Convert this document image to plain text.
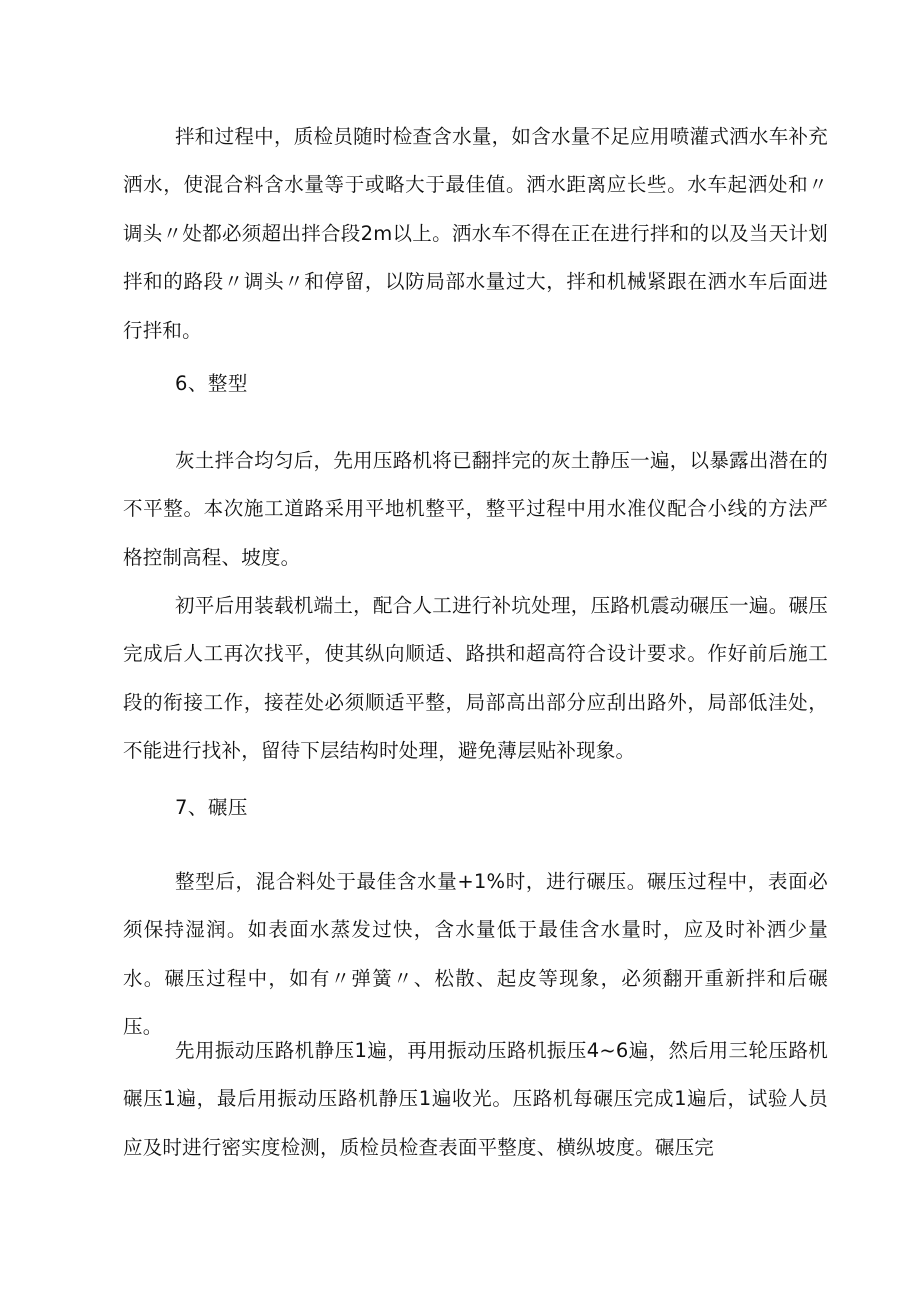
拌和过程中，质检员随时检查含水量，如含水量不足应用喷灌式洒水车补充洒水，使混合料含水量等于或略大于最佳值。洒水距离应长些。水车起洒处和〃调头〃处都必须超出拌合段2m以上。洒水车不得在正在进行拌和的以及当天计划拌和的路段〃调头〃和停留，以防局部水量过大，拌和机械紧跟在洒水车后面进行拌和。

6、整型

灰土拌合均匀后，先用压路机将已翻拌完的灰土静压一遍，以暴露出潜在的不平整。本次施工道路采用平地机整平，整平过程中用水准仪配合小线的方法严格控制高程、坡度。

初平后用装载机端土，配合人工进行补坑处理，压路机震动碾压一遍。碾压完成后人工再次找平，使其纵向顺适、路拱和超高符合设计要求。作好前后施工段的衔接工作，接茬处必须顺适平整，局部高出部分应刮出路外，局部低洼处，不能进行找补，留待下层结构时处理，避免薄层贴补现象。

7、碾压

整型后，混合料处于最佳含水量+1%时，进行碾压。碾压过程中，表面必须保持湿润。如表面水蒸发过快，含水量低于最佳含水量时，应及时补洒少量水。碾压过程中，如有〃弹簧〃、松散、起皮等现象，必须翻开重新拌和后碾压。

先用振动压路机静压1遍，再用振动压路机振压4~6遍，然后用三轮压路机碾压1遍，最后用振动压路机静压1遍收光。压路机每碾压完成1遍后，试验人员应及时进行密实度检测，质检员检查表面平整度、横纵坡度。碾压完
